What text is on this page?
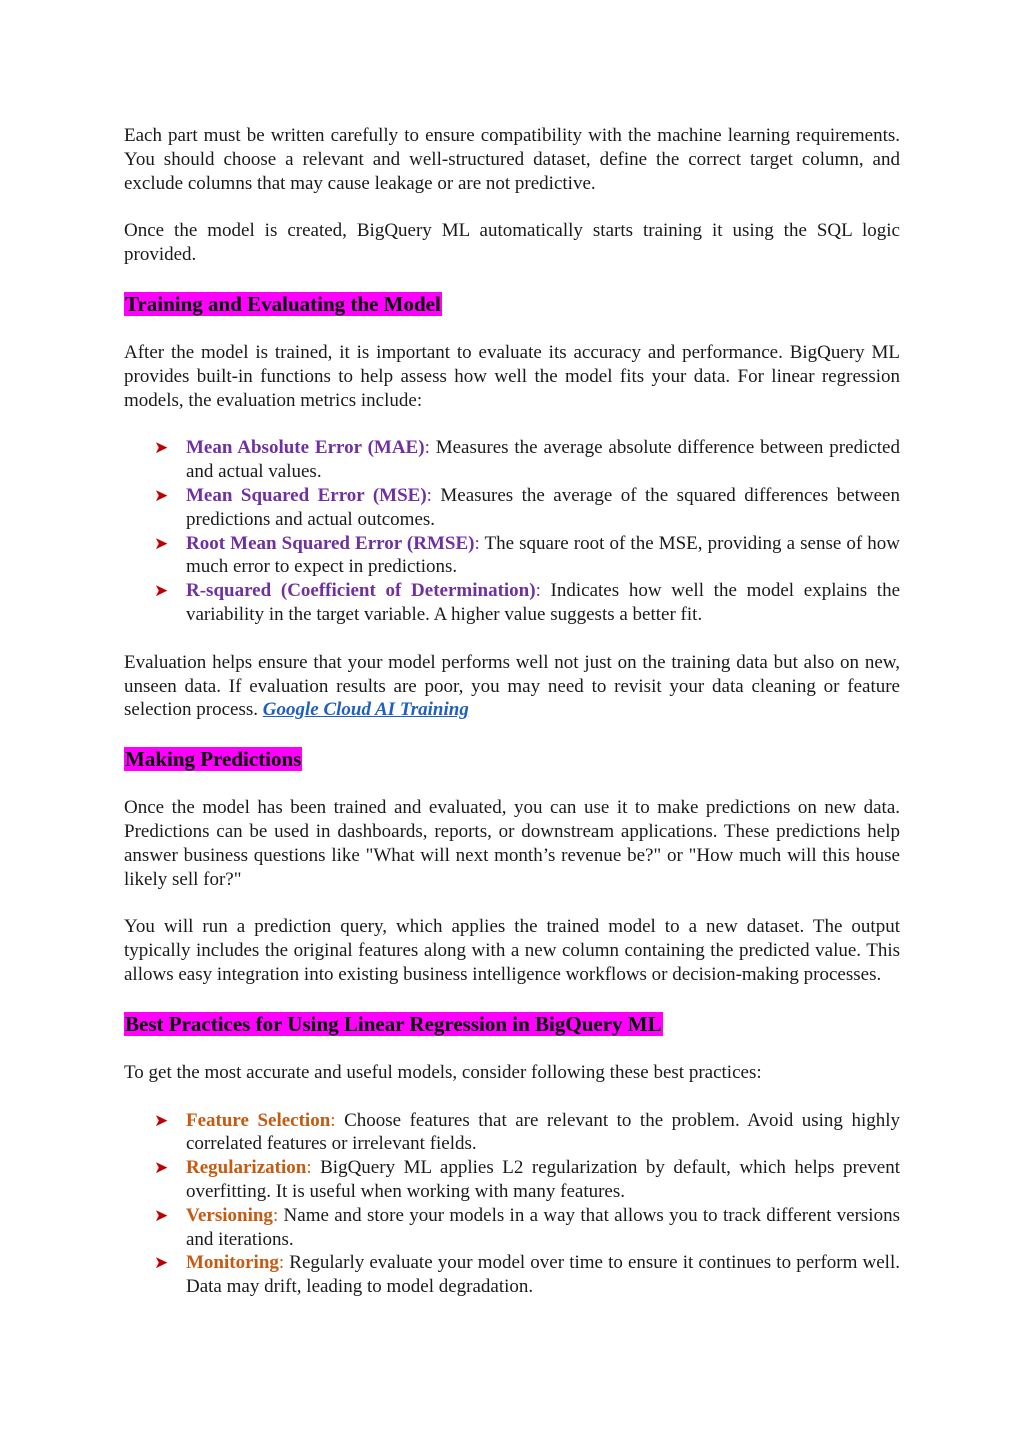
Each part must be written carefully to ensure compatibility with the machine learning requirements. You should choose a relevant and well-structured dataset, define the correct target column, and exclude columns that may cause leakage or are not predictive.

Once the model is created, BigQuery ML automatically starts training it using the SQL logic provided.

Training and Evaluating the Model

After the model is trained, it is important to evaluate its accuracy and performance. BigQuery ML provides built-in functions to help assess how well the model fits your data. For linear regression models, the evaluation metrics include:

➤ Mean Absolute Error (MAE): Measures the average absolute difference between predicted and actual values.
➤ Mean Squared Error (MSE): Measures the average of the squared differences between predictions and actual outcomes.
➤ Root Mean Squared Error (RMSE): The square root of the MSE, providing a sense of how much error to expect in predictions.
➤ R-squared (Coefficient of Determination): Indicates how well the model explains the variability in the target variable. A higher value suggests a better fit.

Evaluation helps ensure that your model performs well not just on the training data but also on new, unseen data. If evaluation results are poor, you may need to revisit your data cleaning or feature selection process. Google Cloud AI Training

Making Predictions

Once the model has been trained and evaluated, you can use it to make predictions on new data. Predictions can be used in dashboards, reports, or downstream applications. These predictions help answer business questions like "What will next month’s revenue be?" or "How much will this house likely sell for?"

You will run a prediction query, which applies the trained model to a new dataset. The output typically includes the original features along with a new column containing the predicted value. This allows easy integration into existing business intelligence workflows or decision-making processes.

Best Practices for Using Linear Regression in BigQuery ML

To get the most accurate and useful models, consider following these best practices:

➤ Feature Selection: Choose features that are relevant to the problem. Avoid using highly correlated features or irrelevant fields.
➤ Regularization: BigQuery ML applies L2 regularization by default, which helps prevent overfitting. It is useful when working with many features.
➤ Versioning: Name and store your models in a way that allows you to track different versions and iterations.
➤ Monitoring: Regularly evaluate your model over time to ensure it continues to perform well. Data may drift, leading to model degradation.
